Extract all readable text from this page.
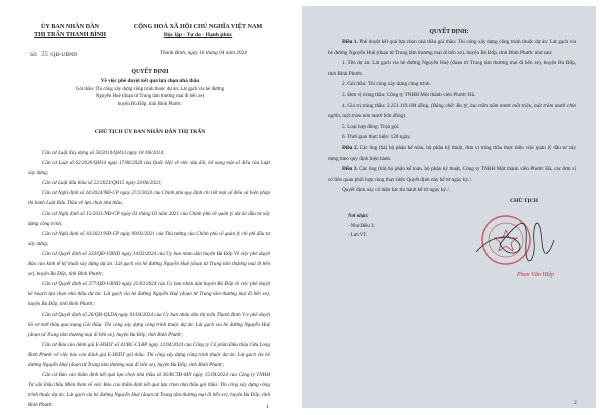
ỦY BAN NHÂN DÂN
THỊ TRẤN THANH BÌNH
Số: 35 /QĐ-UBND
CỘNG HOÀ XÃ HỘI CHỦ NGHĨA VIỆT NAM
Độc lập - Tự do - Hạnh phúc
Thanh Bình, ngày 16 tháng 04 năm 2024
QUYẾT ĐỊNH
Về việc phê duyệt kết quả lựa chọn nhà thầu
Gói thầu: Thi công xây dựng công trình thuộc dự án: Lát gạch vỉa hè đường
Nguyễn Huệ (đoạn từ Trung tâm thương mại đi bến xe)
huyện Bù Đốp, tỉnh Bình Phước.
CHỦ TỊCH ỦY BAN NHÂN DÂN THỊ TRẤN

Căn cứ Luật Xây dựng số 50/2014/QH13 ngày 18 /06/2014;

Căn cứ Luật số 62/2020/QH14 ngày 17/06/2020 của Quốc Hội về việc sửa đổi, bổ xung một số điều của Luật xây dựng;

Căn cứ Luật đấu thầu số 22/2023/QH15 ngày 23/06/2023;

Căn cứ Nghị định số 24/2024/NĐ-CP ngày 27/2/2024 của Chính phủ quy định chi tiết một số điều và biện pháp thi hành Luật Đấu Thầu về lựa chọn nhà thầu;

Căn cứ Nghị định số 15/2021/NĐ-CP ngày 03 tháng 03 năm 2021 của Chính phủ về quản lý dự án đầu tư xây dựng công trình;

Căn cứ Nghị định số 10/2021/NĐ-CP ngày 09/02/2021 của Thủ tướng của Chính phủ về quản lý chi phí đầu tư xây dựng;

Căn cứ Quyết định số 324/QĐ-UBND ngày 14/03/2024 của Ủy ban nhân dân huyện Bù Đốp Về việc phê duyệt Báo cáo kinh tế kỹ thuật xây dựng dự án: Lát gạch vỉa hè đường Nguyễn Huệ (đoạn từ Trung tâm thương mại đi bến xe), huyện Bù Đốp, tỉnh Bình Phước;

Căn cứ Quyết định số 377/QĐ-UBND ngày 25/03/2024 của Ủy ban nhân dân huyện Bù Đốp về việc phê duyệt kế hoạch lựa chọn nhà thầu dự án: Lát gạch vỉa hè đường Nguyễn Huệ (đoạn từ Trung tâm thương mại đi bến xe), huyện Bù Đốp, tỉnh Bình Phước;

Căn cứ Quyết định số 26/QĐ-QLDA ngày 01/04/2024 của Ủy ban nhân dân thị trấn Thanh Bình V/v phê duyệt hồ sơ mời thầu qua mạng Gói thầu: Thi công xây dựng công trình thuộc dự án: Lát gạch vỉa hè đường Nguyễn Huệ (đoạn từ Trung tâm thương mại đi bến xe), huyện Bù Đốp, tỉnh Bình Phước;

Căn cứ Báo cáo đánh giá E-HSDT số 41/BC-CLBP ngày 12/04/2024 của Công ty Cổ phần Đấu thầu Cửu Long Bình Phước về việc báo cáo đánh giá E-HSDT gói thầu: Thi công xây dựng công trình thuộc dự án: Lát gạch vỉa hè đường Nguyễn Huệ (đoạn từ Trung tâm thương mại đi bến xe), huyện Bù Đốp, tỉnh Bình Phước;

Căn cứ Báo cáo thẩm định kết quả lựa chọn nhà thầu số 36/BCTĐ-MN ngày 15/04/2024 của Công ty TNHH Tư vấn Đấu thầu Miền Nam về việc Báo cáo thẩm định kết quả lựa chọn nhà thầu gói thầu: Thi công xây dựng công trình thuộc dự án: Lát gạch vỉa hè đường Nguyễn Huệ (đoạn từ Trung tâm thương mại đi bến xe), huyện Bù Đốp, tỉnh Bình Phước.	1
QUYẾT ĐỊNH:

Điều 1. Phê duyệt kết quả lựa chọn nhà thầu gói thầu: Thi công xây dựng công trình thuộc dự án: Lát gạch vỉa hè đường Nguyễn Huệ (đoạn từ Trung tâm thương mại đi bến xe), huyện Bù Đốp, tỉnh Bình Phước như sau:

1. Tên dự án: Lát gạch vỉa hè đường Nguyễn Huệ (đoạn từ Trung tâm thương mại đi bến xe), huyện Bù Đốp, tỉnh Bình Phước.

2. Gói thầu: Thi công xây dựng công trình.

3. Đơn vị trúng thầu: Công ty TNHH Một thành viên Phước Hà.

4. Giá trị trúng thầu: 3.251.119.184 đồng. (Bằng chữ: Ba tỷ, hai trăm năm mươi mốt triệu, một trăm mười chín nghìn, một trăm tám mươi bốn đồng).

5. Loại hợp đồng: Trọn gói.

6. Thời gian thực hiện: 120 ngày.

Điều 2. Các ông (bà) bộ phận kế toán, bộ phận kỹ thuật, đơn vị trúng thầu thực hiện việc quản lý đầu tư xây dựng theo quy định hiện hành.

Điều 3. Các ông (bà) bộ phận kế toán, bộ phận kỹ thuật, Công ty TNHH Một thành viên Phước Hà, các đơn vị có liên quan phối hợp cùng thực hiện Quyết định này kể từ ngày ký./.

Quyết định này có hiệu lực thi hành kể từ ngày ký./.

Nơi nhận:
- Như Điều 3;
- Lưu VT.
CHỦ TỊCH
Phan Văn Hiệp
2
